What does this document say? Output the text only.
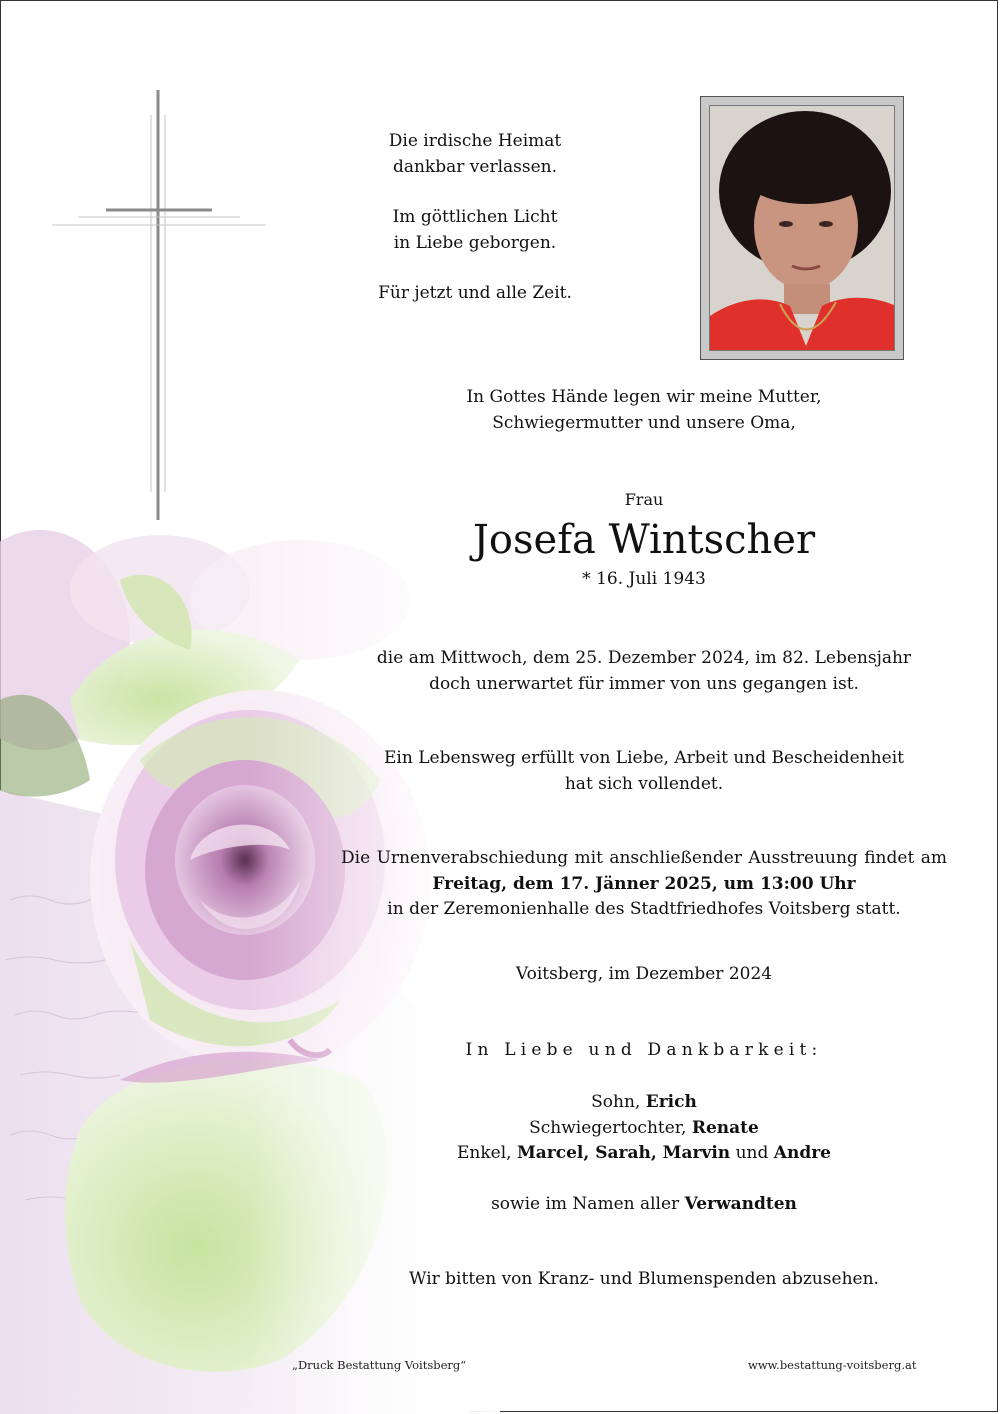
Die irdische Heimat

dankbar verlassen.

Im göttlichen Licht

in Liebe geborgen.

Für jetzt und alle Zeit.

In Gottes Hände legen wir meine Mutter,

Schwiegermutter und unsere Oma,

Frau
Josefa Wintscher
* 16. Juli 1943

die am Mittwoch, dem 25. Dezember 2024, im 82. Lebensjahr

doch unerwartet für immer von uns gegangen ist.

Ein Lebensweg erfüllt von Liebe, Arbeit und Bescheidenheit

hat sich vollendet.

Die Urnenverabschiedung mit anschließender Ausstreuung findet am

Freitag, dem 17. Jänner 2025, um 13:00 Uhr

in der Zeremonienhalle des Stadtfriedhofes Voitsberg statt.

Voitsberg, im Dezember 2024
In Liebe und Dankbarkeit:
Sohn, Erich
Schwiegertochter, Renate
Enkel, Marcel, Sarah, Marvin und Andre
sowie im Namen aller Verwandten
Wir bitten von Kranz- und Blumenspenden abzusehen.
„Druck Bestattung Voitsberg“	www.bestattung-voitsberg.at
